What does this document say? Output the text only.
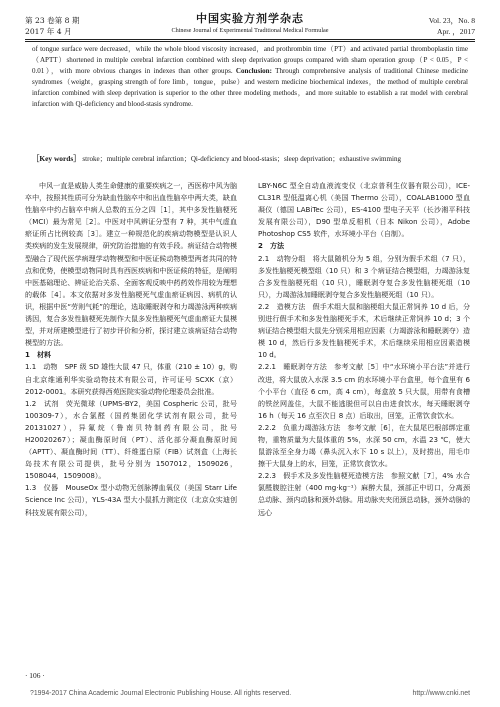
第 23 卷第 8 期
2017 年 4 月
中国实验方剂学杂志
Chinese Journal of Experimental Traditional Medical Formulae
Vol. 23，No. 8
Apr. ，2017
of tongue surface were decreased，while the whole blood viscosity increased，and prothrombin time（PT）and activated partial thromboplastin time（APTT）shortened in multiple cerebral infarction combined with sleep deprivation groups compared with sham operation group（P < 0.05，P < 0.01），with more obvious changes in indexes than other groups. Conclusion: Through comprehensive analysis of traditional Chinese medicine syndromes（weight，grasping strength of fore limb，tongue，pulse）and western medicine biochemical indexes，the method of multiple cerebral infarction combined with sleep deprivation is superior to the other three modeling methods，and more suitable to establish a rat model with cerebral infarction with Qi-deficiency and blood-stasis syndrome.
［Key words］ stroke；multiple cerebral infarction；Qi-deficiency and blood-stasis；sleep deprivation；exhaustive swimming

中风一直是威胁人类生命健康的重要疾病之一，西医称中风为脑卒中，按照其性质可分为缺血性脑卒中和出血性脑卒中两大类，缺血性脑卒中约占脑卒中病人总数的五分之四［1］，其中多发性脑梗死（MCI）最为常见［2］。中医对中风辨证分型有 7 种，其中气虚血瘀证所占比例较高［3］。建立一种规范化的疾病动物模型是认识人类疾病的发生发展规律，研究防治措施的有效手段。病证结合动物模型融合了现代医学病理学动物模型和中医证候动物模型两者共同的特点和优势，使模型动物同时具有西医疾病和中医证候的特征，是阐明中医基础理论、辨证论治关系、全面客观反映中药药效作用较为理想的载体［4］。本文依据对多发性脑梗死气虚血瘀证病因、病机的认识，根据中医“劳则气耗”的理论，选取睡眠剥夺和力竭游泳两种疾病诱因，复合多发性脑梗死先制作大鼠多发性脑梗死气虚血瘀证大鼠模型，并对所建模型进行了初步评价和分析，探讨建立该病证结合动物模型的方法。

1　材料

1.1　动物　SPF 级 SD 雄性大鼠 47 只，体重（210 ± 10）g，购自北京维通利华实验动物技术有限公司，许可证号 SCXK（京）2012-0001。本研究获得西苑医院实验动物伦理委员会批准。

1.2　试剂　荧光微球（UPMS-BY2，美国 Cospheric 公司，批号 100309-7），水合氯醛（国药集团化学试剂有限公司，批号 20131027），异氟烷（鲁南贝特制药有限公司，批号 H20020267）；凝血酶原时间（PT）、活化部分凝血酶原时间（APTT）、凝血酶时间（TT）、纤维蛋白原（FIB）试剂盒（上海长岛技术有限公司提供，批号分别为 1507012，1509026，1508044，1509008）。

1.3　仪器　MouseOx 型小动物无创脉搏血氧仪（美国 Starr Life Science Inc 公司），YLS-43A 型大小鼠抓力测定仪（北京众实迪创科技发展有限公司），

LBY-N6C 型全自动血液流变仪（北京普利生仪器有限公司），ICE-CL31R 型低温离心机（美国 Thermo 公司），COALAB1000 型血凝仪（德国 LABiTec 公司），ES-4100 型电子天平（长沙湘平科技发展有限公司），D90 型单反相机（日本 Nikon 公司），Adobe Photoshop CS5 软件，水环境小平台（自制）。

2　方法

2.1　动物分组　将大鼠随机分为 5 组，分别为假手术组（7 只），多发性脑梗死模型组（10 只）和 3 个病证结合模型组，力竭游泳复合多发性脑梗死组（10 只），睡眠剥夺复合多发性脑梗死组（10 只），力竭游泳加睡眠剥夺复合多发性脑梗死组（10 只）。

2.2　造模方法　假手术组大鼠和脑梗组大鼠正常饲养 10 d 后，分别进行假手术和多发性脑梗死手术，术后继续正常饲养 10 d；3 个病证结合模型组大鼠先分别采用相应因素（力竭游泳和睡眠剥夺）造模 10 d，然后行多发性脑梗死手术，术后继续采用相应因素造模 10 d。

2.2.1　睡眠剥夺方法　参考文献［5］中“水环境小平台法”并进行改进，将大鼠放入水深 3.5 cm 的水环境小平台盒里，每个盒里有 6 个小平台（直径 6 cm，高 4 cm），每盒放 5 只大鼠，用带有食槽的铁丝网盖住，大鼠不能逃脱但可以自由进食饮水，每天睡眠剥夺 16 h（每天 16 点至次日 8 点）后取出，回笼，正常饮食饮水。

2.2.2　负重力竭游泳方法　参考文献［6］，在大鼠尾巴根部绑定重物，重物质量为大鼠体重的 5%，水深 50 cm，水温 23 ℃，使大鼠游泳至全身力竭（鼻头沉入水下 10 s 以上），及时捞出，用毛巾擦干大鼠身上的水，回笼，正常饮食饮水。

2.2.3　假手术及多发性脑梗死造模方法　参照文献［7］，4% 水合氯醛腹腔注射（400 mg·kg⁻¹）麻醉大鼠，颈部正中切口，分离颈总动脉、颈内动脉和颈外动脉。用动脉夹夹闭颈总动脉，颈外动脉的远心

· 106 ·
?1994-2017 China Academic Journal Electronic Publishing House. All rights reserved.	http://www.cnki.net
